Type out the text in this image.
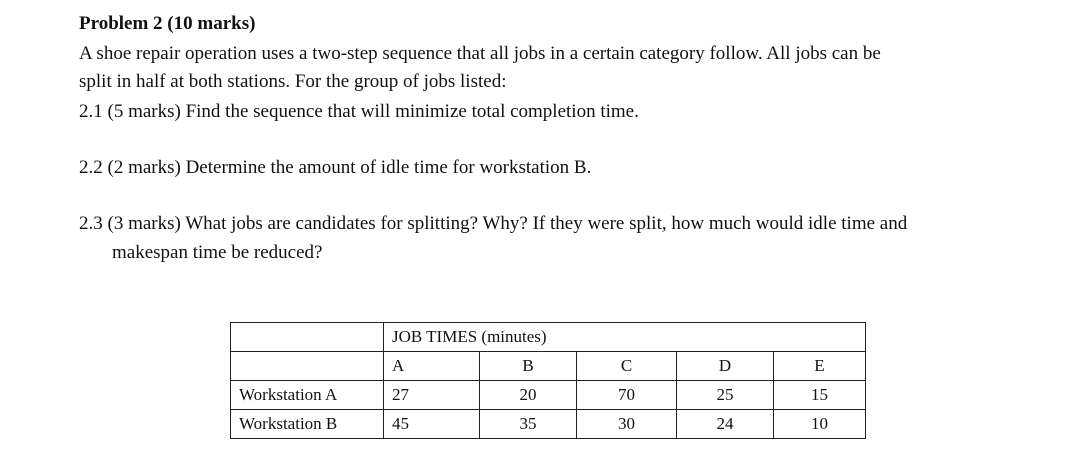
Problem 2 (10 marks)
A shoe repair operation uses a two-step sequence that all jobs in a certain category follow. All jobs can be
split in half at both stations. For the group of jobs listed:
2.1 (5 marks) Find the sequence that will minimize total completion time.
2.2 (2 marks) Determine the amount of idle time for workstation B.
2.3 (3 marks) What jobs are candidates for splitting? Why? If they were split, how much would idle time and
makespan time be reduced?
	JOB TIMES (minutes)				
	A	B	C	D	E
Workstation A	27	20	70	25	15
Workstation B	45	35	30	24	10
